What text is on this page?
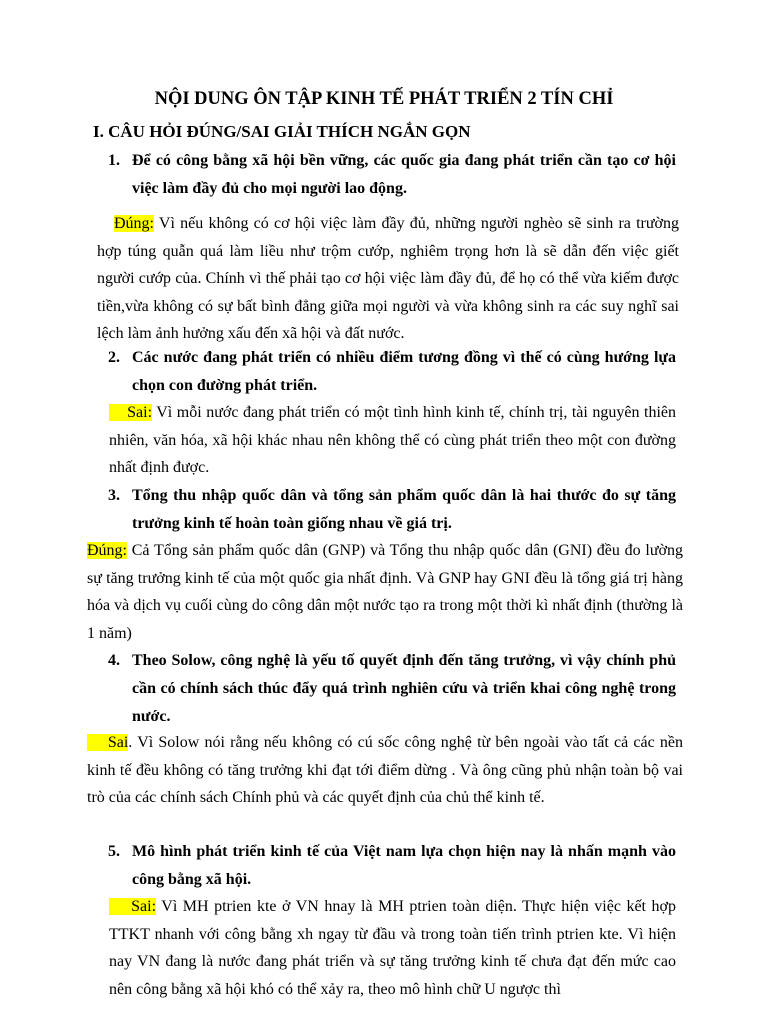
NỘI DUNG ÔN TẬP KINH TẾ PHÁT TRIỂN 2 TÍN CHỈ
I. CÂU HỎI ĐÚNG/SAI GIẢI THÍCH NGẮN GỌN
1. Để có công bằng xã hội bền vững, các quốc gia đang phát triển cần tạo cơ hội việc làm đầy đủ cho mọi người lao động.
Đúng: Vì nếu không có cơ hội việc làm đầy đủ, những người nghèo sẽ sinh ra trường hợp túng quẫn quá làm liều như trộm cướp, nghiêm trọng hơn là sẽ dẫn đến việc giết người cướp của. Chính vì thế phải tạo cơ hội việc làm đầy đủ, để họ có thể vừa kiếm được tiền,vừa không có sự bất bình đẳng giữa mọi người và vừa không sinh ra các suy nghĩ sai lệch làm ảnh hưởng xấu đến xã hội và đất nước.
2. Các nước đang phát triển có nhiều điểm tương đồng vì thế có cùng hướng lựa chọn con đường phát triển.
Sai: Vì mỗi nước đang phát triển có một tình hình kinh tế, chính trị, tài nguyên thiên nhiên, văn hóa, xã hội khác nhau nên không thể có cùng phát triển theo một con đường nhất định được.
3. Tổng thu nhập quốc dân và tổng sản phẩm quốc dân là hai thước đo sự tăng trưởng kinh tế hoàn toàn giống nhau về giá trị.
Đúng: Cả Tổng sản phẩm quốc dân (GNP) và Tổng thu nhập quốc dân (GNI) đều đo lường sự tăng trưởng kinh tế của một quốc gia nhất định. Và GNP hay GNI đều là tổng giá trị hàng hóa và dịch vụ cuối cùng do công dân một nước tạo ra trong một thời kì nhất định (thường là 1 năm)
4. Theo Solow, công nghệ là yếu tố quyết định đến tăng trưởng, vì vậy chính phủ cần có chính sách thúc đẩy quá trình nghiên cứu và triển khai công nghệ trong nước.
Sai. Vì Solow nói rằng nếu không có cú sốc công nghệ từ bên ngoài vào tất cả các nền kinh tế đều không có tăng trưởng khi đạt tới điểm dừng . Và ông cũng phủ nhận toàn bộ vai trò của các chính sách Chính phủ và các quyết định của chủ thể kinh tế.
5. Mô hình phát triển kinh tế của Việt nam lựa chọn hiện nay là nhấn mạnh vào công bằng xã hội.
Sai: Vì MH ptrien kte ở VN hnay là MH ptrien toàn diện. Thực hiện việc kết hợp TTKT nhanh với công bằng xh ngay từ đầu và trong toàn tiến trình ptrien kte. Vì hiện nay VN đang là nước đang phát triển và sự tăng trưởng kinh tế chưa đạt đến mức cao nên công bằng xã hội khó có thể xảy ra, theo mô hình chữ U ngược thì
